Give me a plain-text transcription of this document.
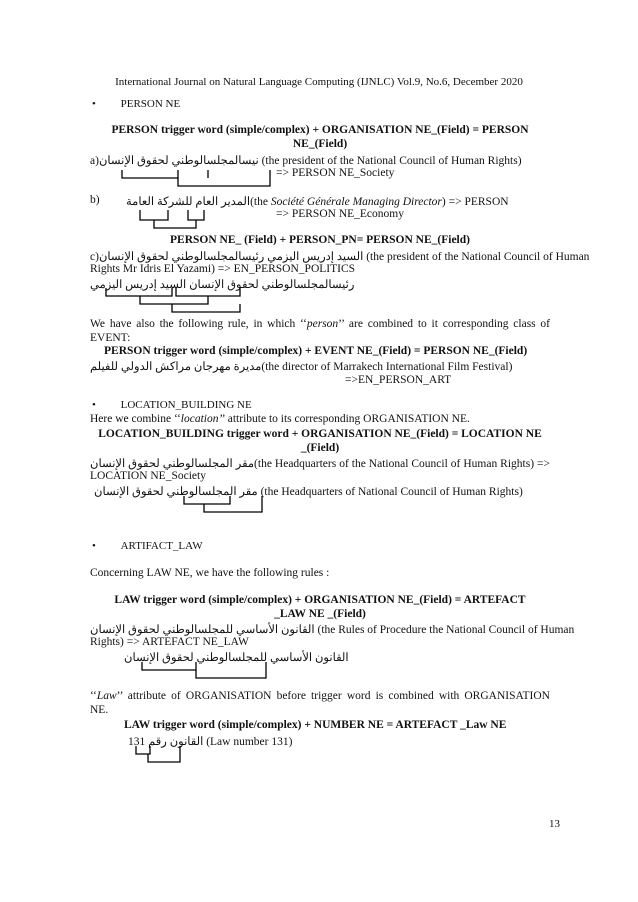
International Journal on Natural Language Computing (IJNLC) Vol.9, No.6, December 2020
• PERSON NE
PERSON trigger word (simple/complex) + ORGANISATION NE_(Field) = PERSON
NE_(Field)
a)نيسالمجلسالوطني لحقوق الإنسان (the president of the National Council of Human Rights)
=> PERSON NE_Society
b) المدير العام للشركة العامة(the Société Générale Managing Director) => PERSON
=> PERSON NE_Economy
PERSON NE_ (Field) + PERSON_PN= PERSON NE_(Field)
c)السيد إدريس اليزمي رئيسالمجلسالوطني لحقوق الإنسان (the president of the National Council of Human
Rights Mr Idris El Yazami) => EN_PERSON_POLITICS
رئيسالمجلسالوطني لحقوق الإنسان السيد إدريس اليزمي
We have also the following rule, in which ‘‘person’’ are combined to it corresponding class of
EVENT:
PERSON trigger word (simple/complex) + EVENT NE_(Field) = PERSON NE_(Field)
مديرة مهرجان مراكش الدولي للفيلم(the director of Marrakech International Film Festival)
=>EN_PERSON_ART
• LOCATION_BUILDING NE
Here we combine ‘‘location’’ attribute to its corresponding ORGANISATION NE.
LOCATION_BUILDING trigger word + ORGANISATION NE_(Field) = LOCATION NE
_(Field)
مقر المجلسالوطني لحقوق الإنسان(the Headquarters of the National Council of Human Rights) =>
LOCATION NE_Society
مقر المجلسالوطني لحقوق الإنسان (the Headquarters of National Council of Human Rights)
• ARTIFACT_LAW
Concerning LAW NE, we have the following rules :
LAW trigger word (simple/complex) + ORGANISATION NE_(Field) = ARTEFACT
_LAW NE _(Field)
القانون الأساسي للمجلسالوطني لحقوق الإنسان (the Rules of Procedure the National Council of Human
Rights) => ARTEFACT NE_LAW
القانون الأساسي للمجلسالوطني لحقوق الإنسان
‘‘Law’’ attribute of ORGANISATION before trigger word is combined with ORGANISATION
NE.
LAW trigger word (simple/complex) + NUMBER NE = ARTEFACT _Law NE
القانون رقم 131 (Law number 131)
13
